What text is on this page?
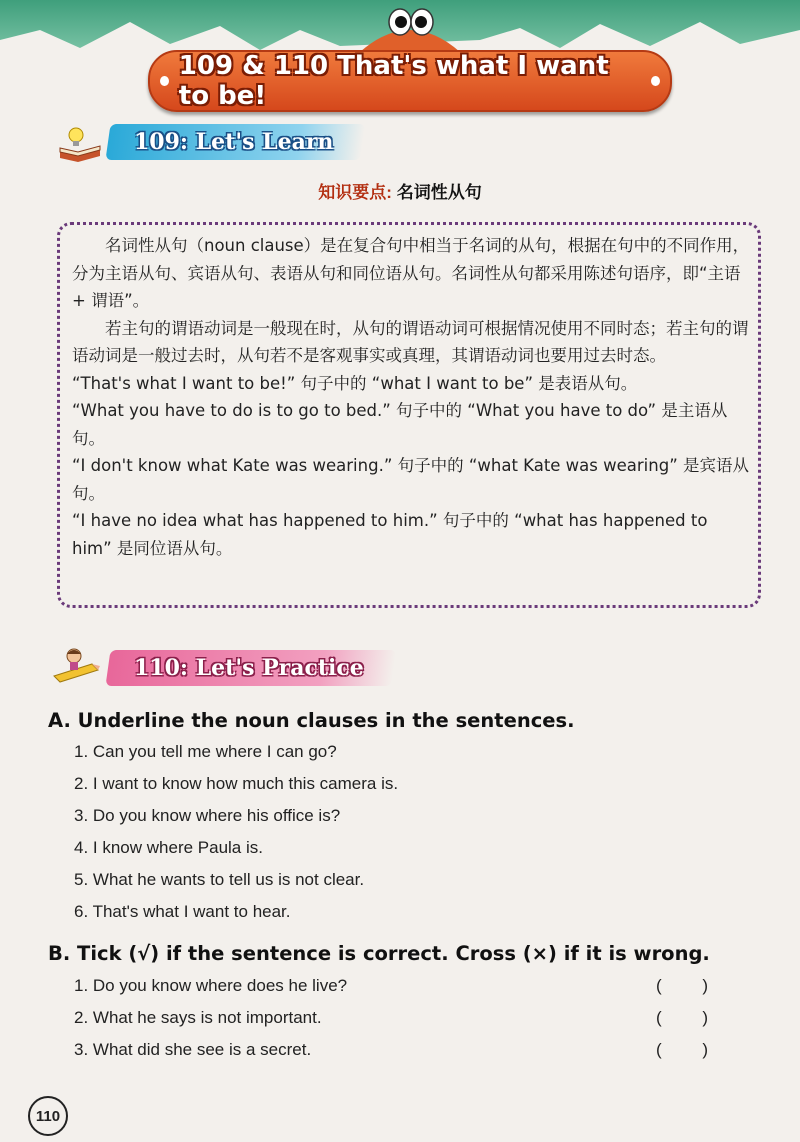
109 & 110 That's what I want to be!
109: Let's Learn
知识要点: 名词性从句

名词性从句（noun clause）是在复合句中相当于名词的从句，根据在句中的不同作用，分为主语从句、宾语从句、表语从句和同位语从句。名词性从句都采用陈述句语序，即“主语 + 谓语”。

若主句的谓语动词是一般现在时，从句的谓语动词可根据情况使用不同时态；若主句的谓语动词是一般过去时，从句若不是客观事实或真理，其谓语动词也要用过去时态。

“That's what I want to be!” 句子中的 “what I want to be” 是表语从句。

“What you have to do is to go to bed.” 句子中的 “What you have to do” 是主语从句。

“I don't know what Kate was wearing.” 句子中的 “what Kate was wearing” 是宾语从句。

“I have no idea what has happened to him.” 句子中的 “what has happened to him” 是同位语从句。

110: Let's Practice
A. Underline the noun clauses in the sentences.
1. Can you tell me where I can go?
2. I want to know how much this camera is.
3. Do you know where his office is?
4. I know where Paula is.
5. What he wants to tell us is not clear.
6. That's what I want to hear.
B. Tick (√) if the sentence is correct. Cross (×) if it is wrong.
1. Do you know where does he live?	( )
2. What he says is not important.	( )
3. What did she see is a secret.	( )
110
